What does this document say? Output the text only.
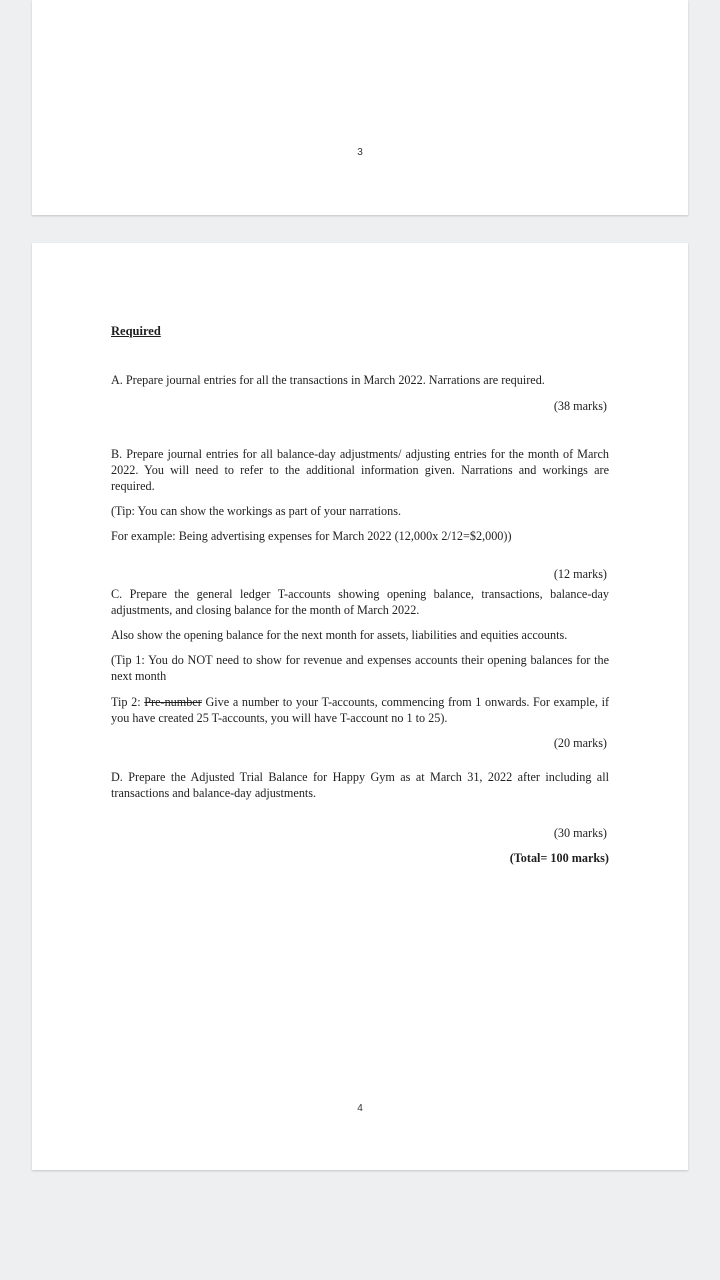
3

Required

A. Prepare journal entries for all the transactions in March 2022. Narrations are required.

(38 marks)

B. Prepare journal entries for all balance-day adjustments/ adjusting entries for the month of March 2022. You will need to refer to the additional information given. Narrations and workings are required.

(Tip: You can show the workings as part of your narrations.

For example: Being advertising expenses for March 2022 (12,000x 2/12=$2,000))

(12 marks)

C. Prepare the general ledger T-accounts showing opening balance, transactions, balance-day adjustments, and closing balance for the month of March 2022.

Also show the opening balance for the next month for assets, liabilities and equities accounts.

(Tip 1: You do NOT need to show for revenue and expenses accounts their opening balances for the next month

Tip 2: Pre-number Give a number to your T-accounts, commencing from 1 onwards. For example, if you have created 25 T-accounts, you will have T-account no 1 to 25).

(20 marks)

D. Prepare the Adjusted Trial Balance for Happy Gym as at March 31, 2022 after including all transactions and balance-day adjustments.

(30 marks)

(Total= 100 marks)

4
